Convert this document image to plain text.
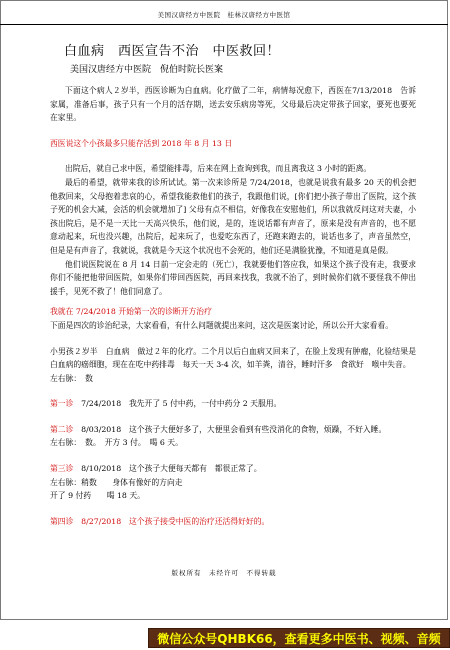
美国汉唐经方中医院　桂林汉唐经方中医馆
白血病　西医宣告不治　中医救回！
美国汉唐经方中医院　倪伯时院长医案

下面这个病人２岁半，西医诊断为白血病。化疗做了二年，病情每况愈下，西医在7/13/2018　告诉家属，准备后事，孩子只有一个月的活存期，送去安乐病房等死，父母最后决定带孩子回家，要死也要死在家里。

西医说这个小孩最多只能存活到 2018 年 8 月 13 日

出院后，就自己求中医，希望能排毒，后来在网上查询到我，而且离我这 3 小时的距离。

最后的希望，就带来我的诊所试试。第一次来诊所是 7/24/2018，也就是说我有最多 20 天的机会把他救回来，父母抱着悲哀的心，希望我能救他们的孩子，我跟他们说，[你们把小孩子带出了医院，这个孩子死的机会大减，会活的机会就增加了] 父母有点不相信，好像我在安慰他们，所以我就反问这对夫妻，小孩出院后，是不是一天比一天高兴快乐，他们说，是的，连说话都有声音了，原来是没有声音的，也不愿意动起来，玩也没兴趣，出院后，起来玩了，也爱吃东西了，还跑来跑去的，说话也多了，声音虽然空，但是是有声音了，我就说，我就是今天这个状况也不会死的，他们还是满脸犹豫，不知道是真是假。

他们说医院说在 8 月 14 日前一定会走的（死亡），我就要他们答应我，如果这个孩子没有走，我要求你们不能把他带回医院，如果你们带回西医院，再回来找我，我就不治了，到时候你们就不要怪我不伸出援手，见死不救了！他们同意了。

我就在 7/24/2018 开始第一次的诊断开方治疗

下面是四次的诊治纪录，大家看看，有什么问题就提出来问，这次是医案讨论，所以公开大家看看。

小男孩２岁半　白血病　做过２年的化疗。二个月以后白血病又回来了，在脸上发现有肿瘤，化验结果是白血病的癌细胞，现在在吃中药排毒　每天一天 3-4 次，如羊粪，清谷，睡时汗多　食欲好　喉中失音。

左右脉：　数

第一诊　7/24/2018　我先开了 5 付中药，一付中药分 2 天服用。

第二诊　8/03/2018　这个孩子大便好多了，大便里会看到有些没消化的食物，烦躁，不好入睡。

左右脉：　数。　开方 3 付。　喝 6 天。

第三诊　8/10/2018　这个孩子大便每天都有　都很正常了。

左右脉：稍数　　身体有像好的方向走

开了 9 付药　　喝 18 天。

第四诊　8/27/2018　这个孩子接受中医的治疗还活得好好的。

版权所有　未经许可　不得转载
微信公众号QHBK66，查看更多中医书、视频、音频
